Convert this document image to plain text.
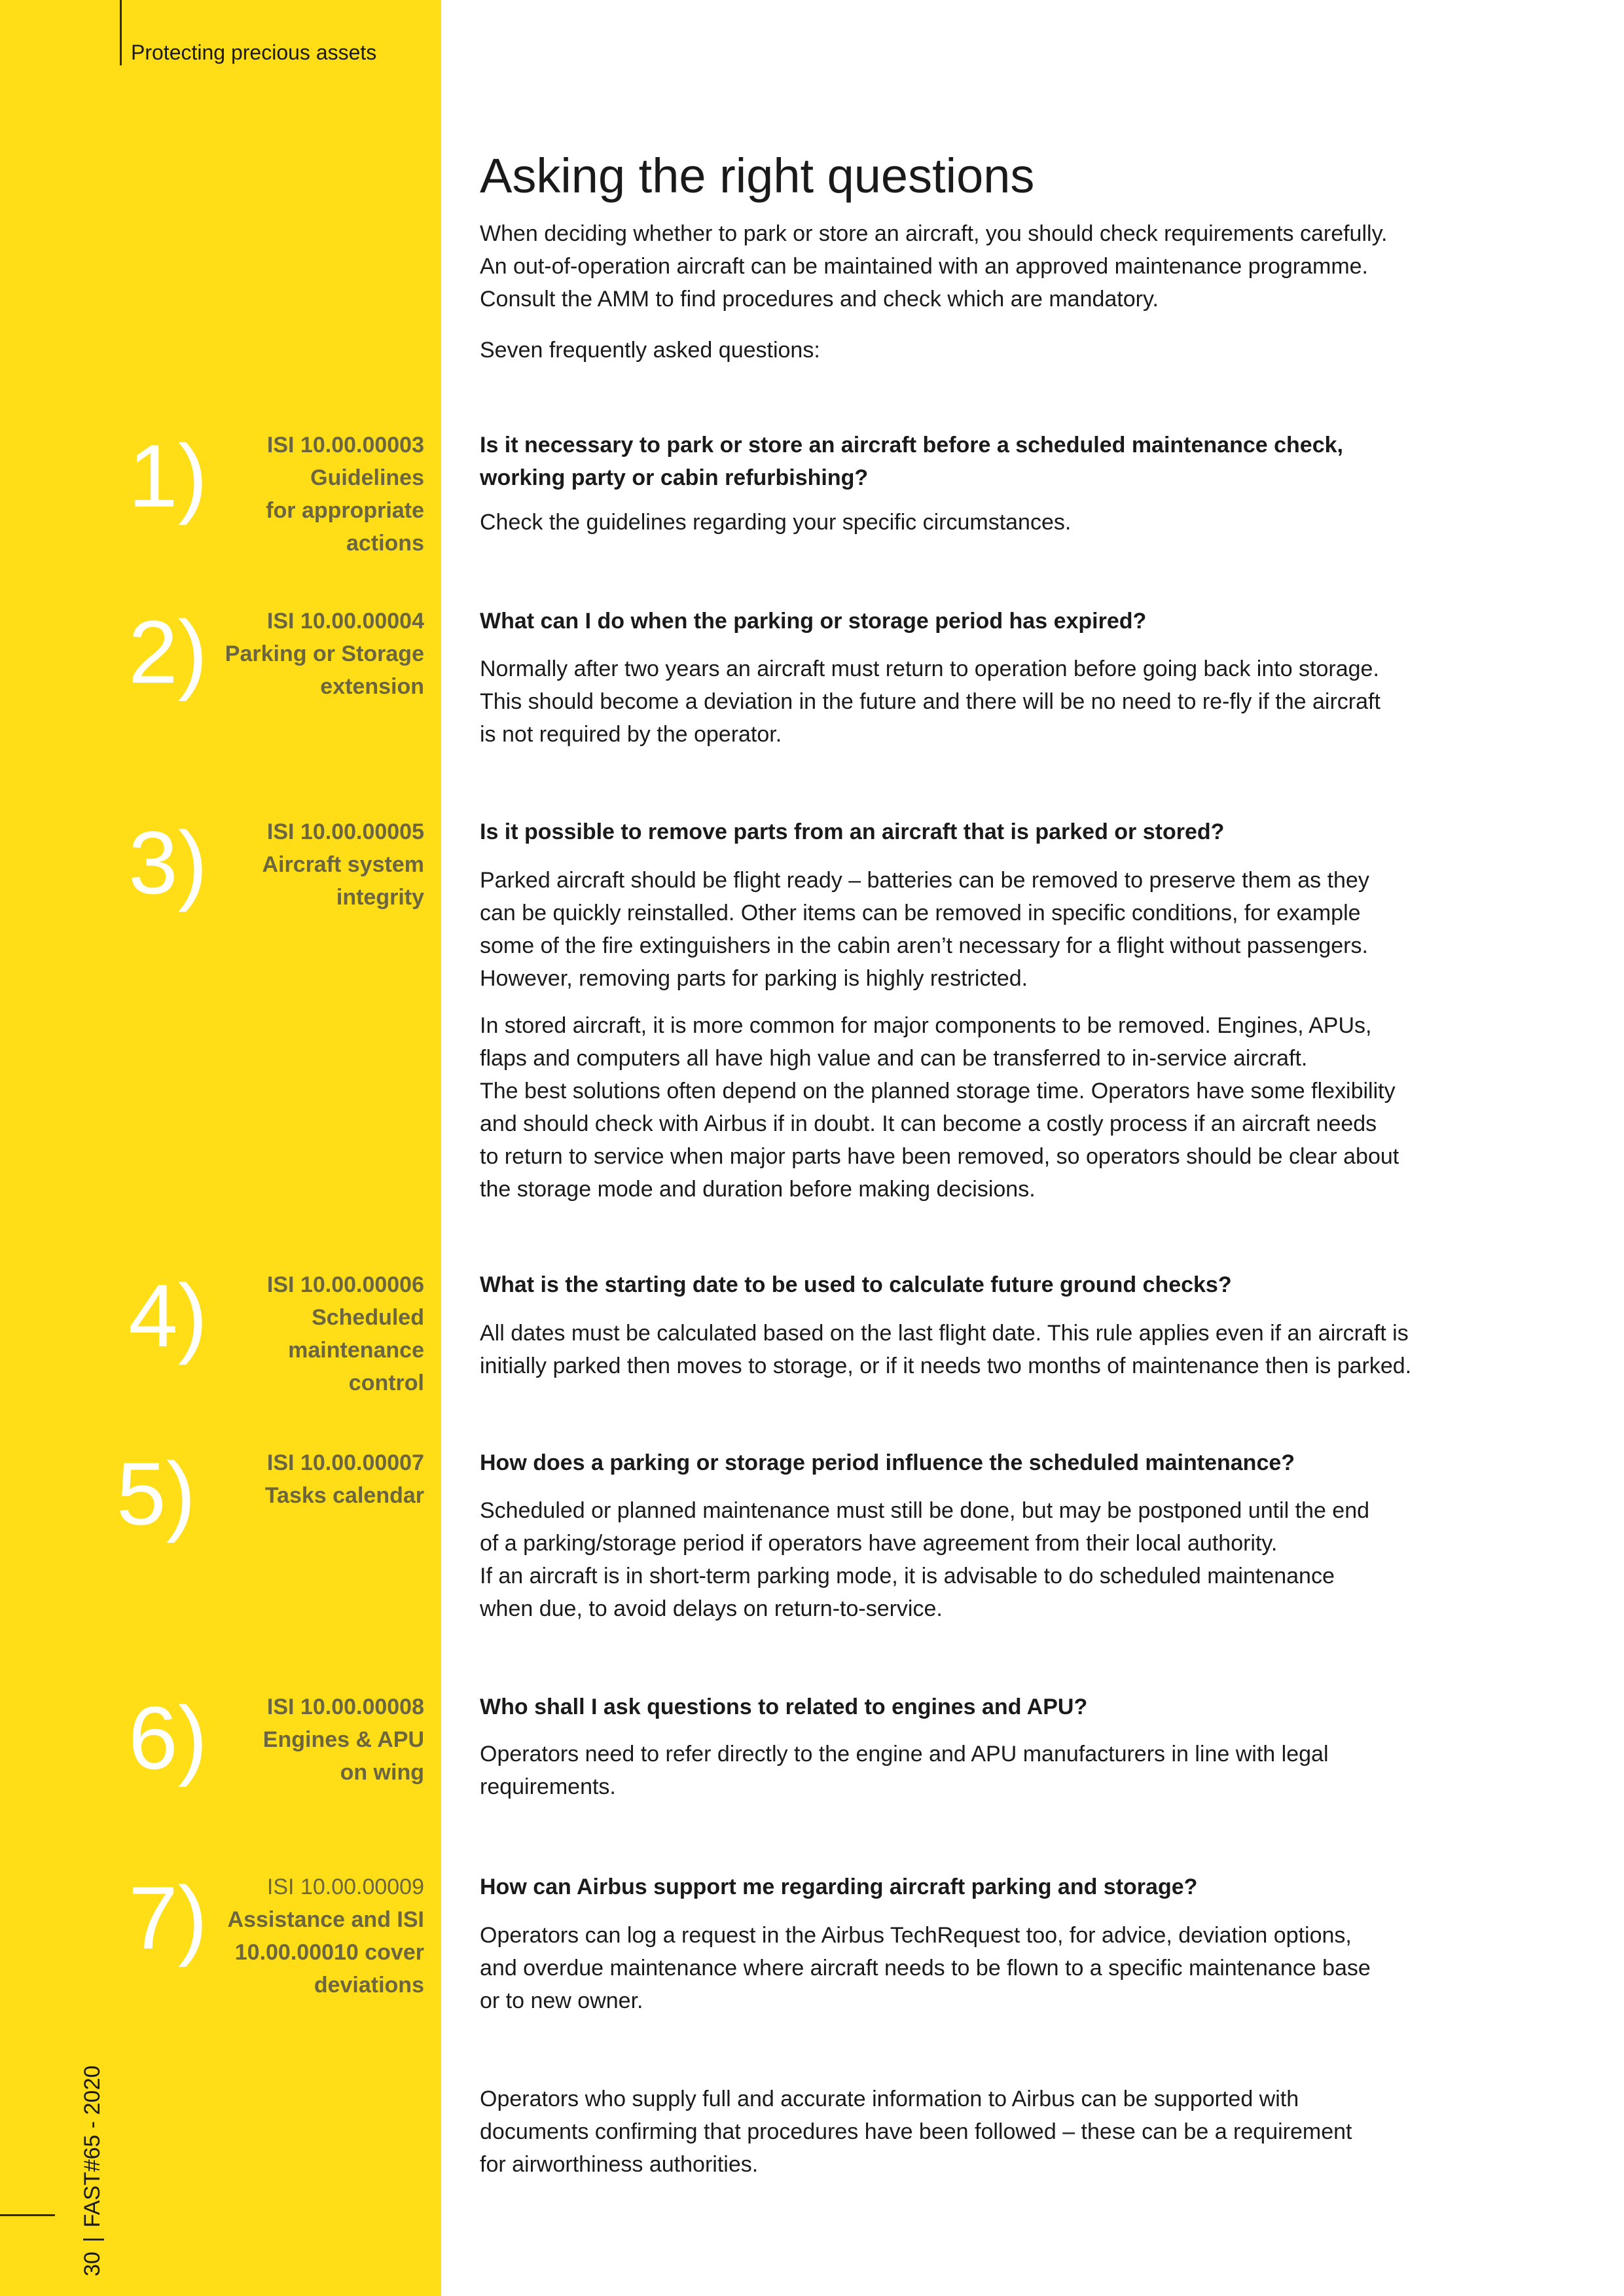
Protecting precious assets
30|FAST#65 - 2020
Asking the right questions

When deciding whether to park or store an aircraft, you should check requirements carefully.
An out-of-operation aircraft can be maintained with an approved maintenance programme.
Consult the AMM to find procedures and check which are mandatory.

Seven frequently asked questions:

1)	ISI 10.00.00003
Guidelines
for appropriate
actions

Is it necessary to park or store an aircraft before a scheduled maintenance check,
working party or cabin refurbishing?

Check the guidelines regarding your specific circumstances.

2)	ISI 10.00.00004
Parking or Storage
extension

What can I do when the parking or storage period has expired?

Normally after two years an aircraft must return to operation before going back into storage.
This should become a deviation in the future and there will be no need to re-fly if the aircraft
is not required by the operator.

3)	ISI 10.00.00005
Aircraft system
integrity

Is it possible to remove parts from an aircraft that is parked or stored?

Parked aircraft should be flight ready – batteries can be removed to preserve them as they
can be quickly reinstalled. Other items can be removed in specific conditions, for example
some of the fire extinguishers in the cabin aren’t necessary for a flight without passengers.
However, removing parts for parking is highly restricted.

In stored aircraft, it is more common for major components to be removed. Engines, APUs,
flaps and computers all have high value and can be transferred to in-service aircraft.
The best solutions often depend on the planned storage time. Operators have some flexibility
and should check with Airbus if in doubt. It can become a costly process if an aircraft needs
to return to service when major parts have been removed, so operators should be clear about
the storage mode and duration before making decisions.

4)	ISI 10.00.00006
Scheduled
maintenance
control

What is the starting date to be used to calculate future ground checks?

All dates must be calculated based on the last flight date. This rule applies even if an aircraft is
initially parked then moves to storage, or if it needs two months of maintenance then is parked.

5)	ISI 10.00.00007
Tasks calendar

How does a parking or storage period influence the scheduled maintenance?

Scheduled or planned maintenance must still be done, but may be postponed until the end
of a parking/storage period if operators have agreement from their local authority.
If an aircraft is in short-term parking mode, it is advisable to do scheduled maintenance
when due, to avoid delays on return-to-service.

6)	ISI 10.00.00008
Engines & APU
on wing

Who shall I ask questions to related to engines and APU?

Operators need to refer directly to the engine and APU manufacturers in line with legal
requirements.

7)	ISI 10.00.00009
Assistance and ISI
10.00.00010 cover
deviations

How can Airbus support me regarding aircraft parking and storage?

Operators can log a request in the Airbus TechRequest too, for advice, deviation options,
and overdue maintenance where aircraft needs to be flown to a specific maintenance base
or to new owner.

Operators who supply full and accurate information to Airbus can be supported with
documents confirming that procedures have been followed – these can be a requirement
for airworthiness authorities.
